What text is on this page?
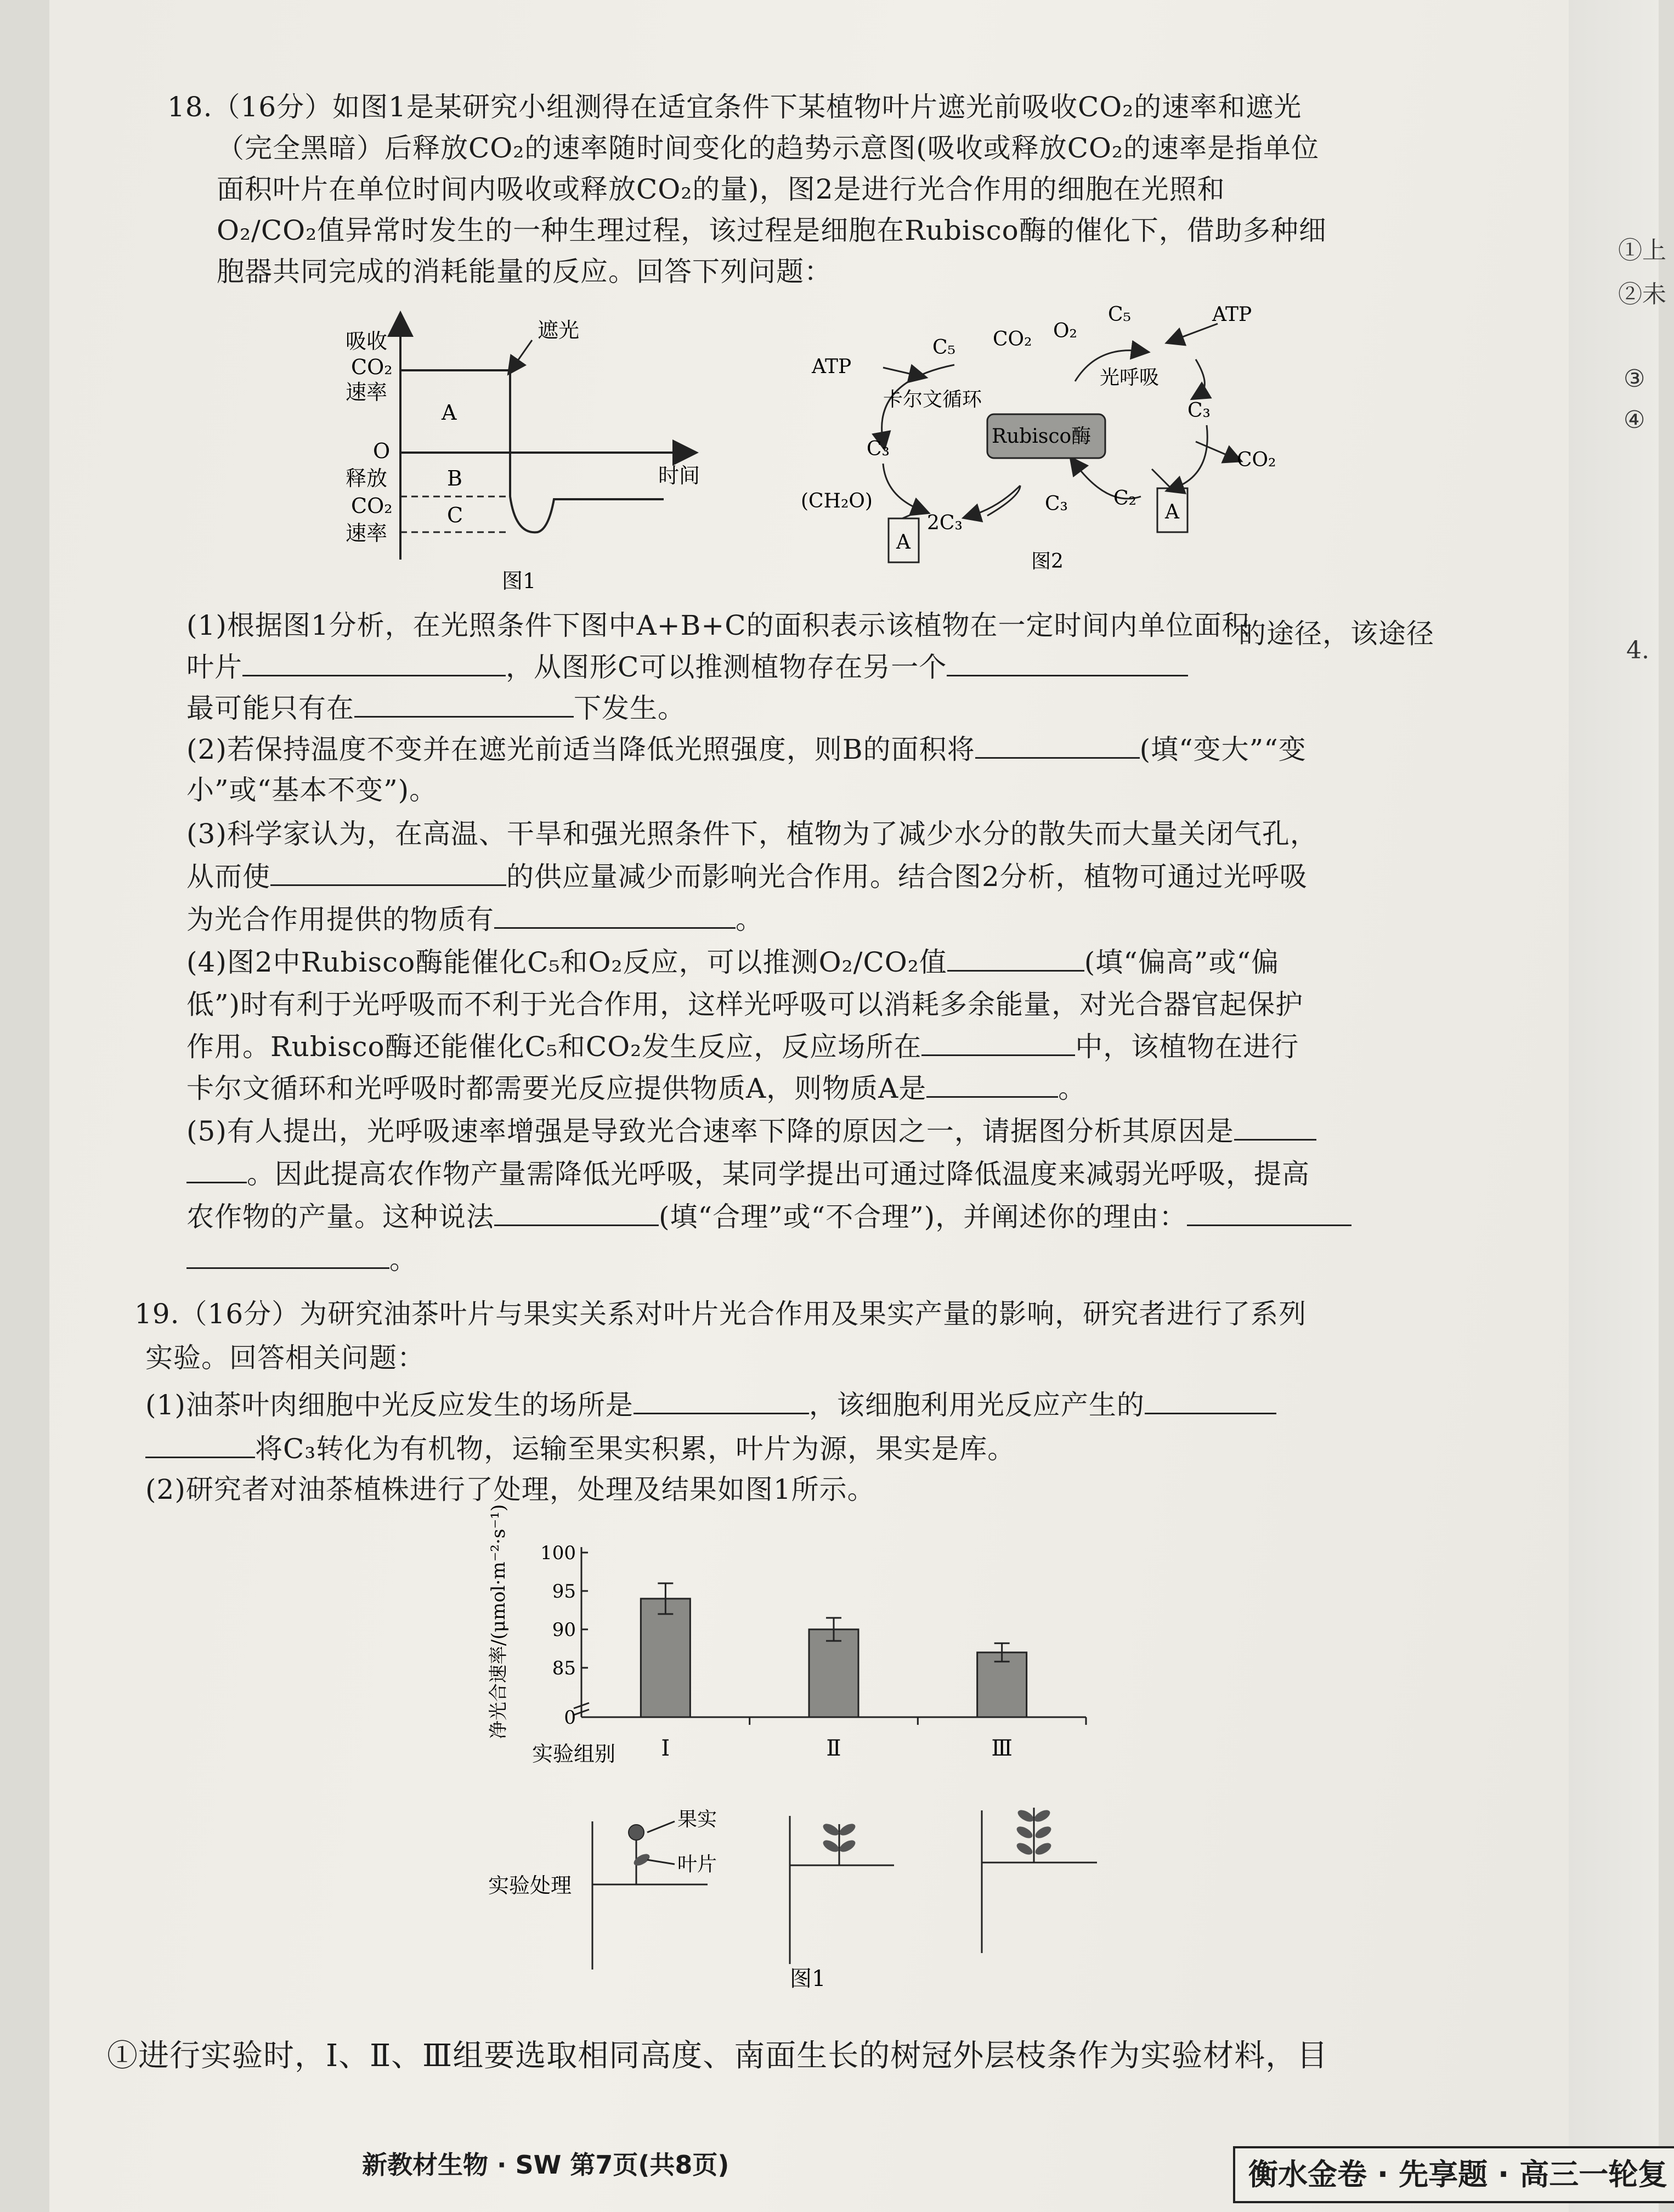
①上
②未
③
④
4.
18.（16分）如图1是某研究小组测得在适宜条件下某植物叶片遮光前吸收CO₂的速率和遮光
（完全黑暗）后释放CO₂的速率随时间变化的趋势示意图(吸收或释放CO₂的速率是指单位
面积叶片在单位时间内吸收或释放CO₂的量)，图2是进行光合作用的细胞在光照和
O₂/CO₂值异常时发生的一种生理过程，该过程是细胞在Rubisco酶的催化下，借助多种细
胞器共同完成的消耗能量的反应。回答下列问题：
吸收
CO₂
速率
O
释放
CO₂
速率
遮光
时间
A
B
C
图1
ATP
C₅ CO₂ O₂
C₅	ATP
卡尔文循环
光呼吸
Rubisco酶
C₃
C₃
CO₂
(CH₂O)
2C₃
C₃ C₂
A
A
图2
(1)根据图1分析，在光照条件下图中A+B+C的面积表示该植物在一定时间内单位面积
叶片	，从图形C可以推测植物存在另一个
的途径，该途径
最可能只有在	下发生。
(2)若保持温度不变并在遮光前适当降低光照强度，则B的面积将	(填“变大”“变
小”或“基本不变”)。
(3)科学家认为，在高温、干旱和强光照条件下，植物为了减少水分的散失而大量关闭气孔，
从而使	的供应量减少而影响光合作用。结合图2分析，植物可通过光呼吸
为光合作用提供的物质有	。
(4)图2中Rubisco酶能催化C₅和O₂反应，可以推测O₂/CO₂值	(填“偏高”或“偏
低”)时有利于光呼吸而不利于光合作用，这样光呼吸可以消耗多余能量，对光合器官起保护
作用。Rubisco酶还能催化C₅和CO₂发生反应，反应场所在	中，该植物在进行
卡尔文循环和光呼吸时都需要光反应提供物质A，则物质A是	。
(5)有人提出，光呼吸速率增强是导致光合速率下降的原因之一，请据图分析其原因是
。因此提高农作物产量需降低光呼吸，某同学提出可通过降低温度来减弱光呼吸，提高
农作物的产量。这种说法	(填“合理”或“不合理”)，并阐述你的理由：
。
19.（16分）为研究油茶叶片与果实关系对叶片光合作用及果实产量的影响，研究者进行了系列
实验。回答相关问题：
(1)油茶叶肉细胞中光反应发生的场所是	，该细胞利用光反应产生的
将C₃转化为有机物，运输至果实积累，叶片为源，果实是库。
(2)研究者对油茶植株进行了处理，处理及结果如图1所示。
85
90
95
100
0
Ⅰ	Ⅱ	Ⅲ
净光合速率/(μmol·m⁻²·s⁻¹)
实验组别
实验处理
果实
叶片
图1
①进行实验时，Ⅰ、Ⅱ、Ⅲ组要选取相同高度、南面生长的树冠外层枝条作为实验材料，目
新教材生物 · SW 第7页(共8页)	衡水金卷 · 先享题 · 高三一轮复
